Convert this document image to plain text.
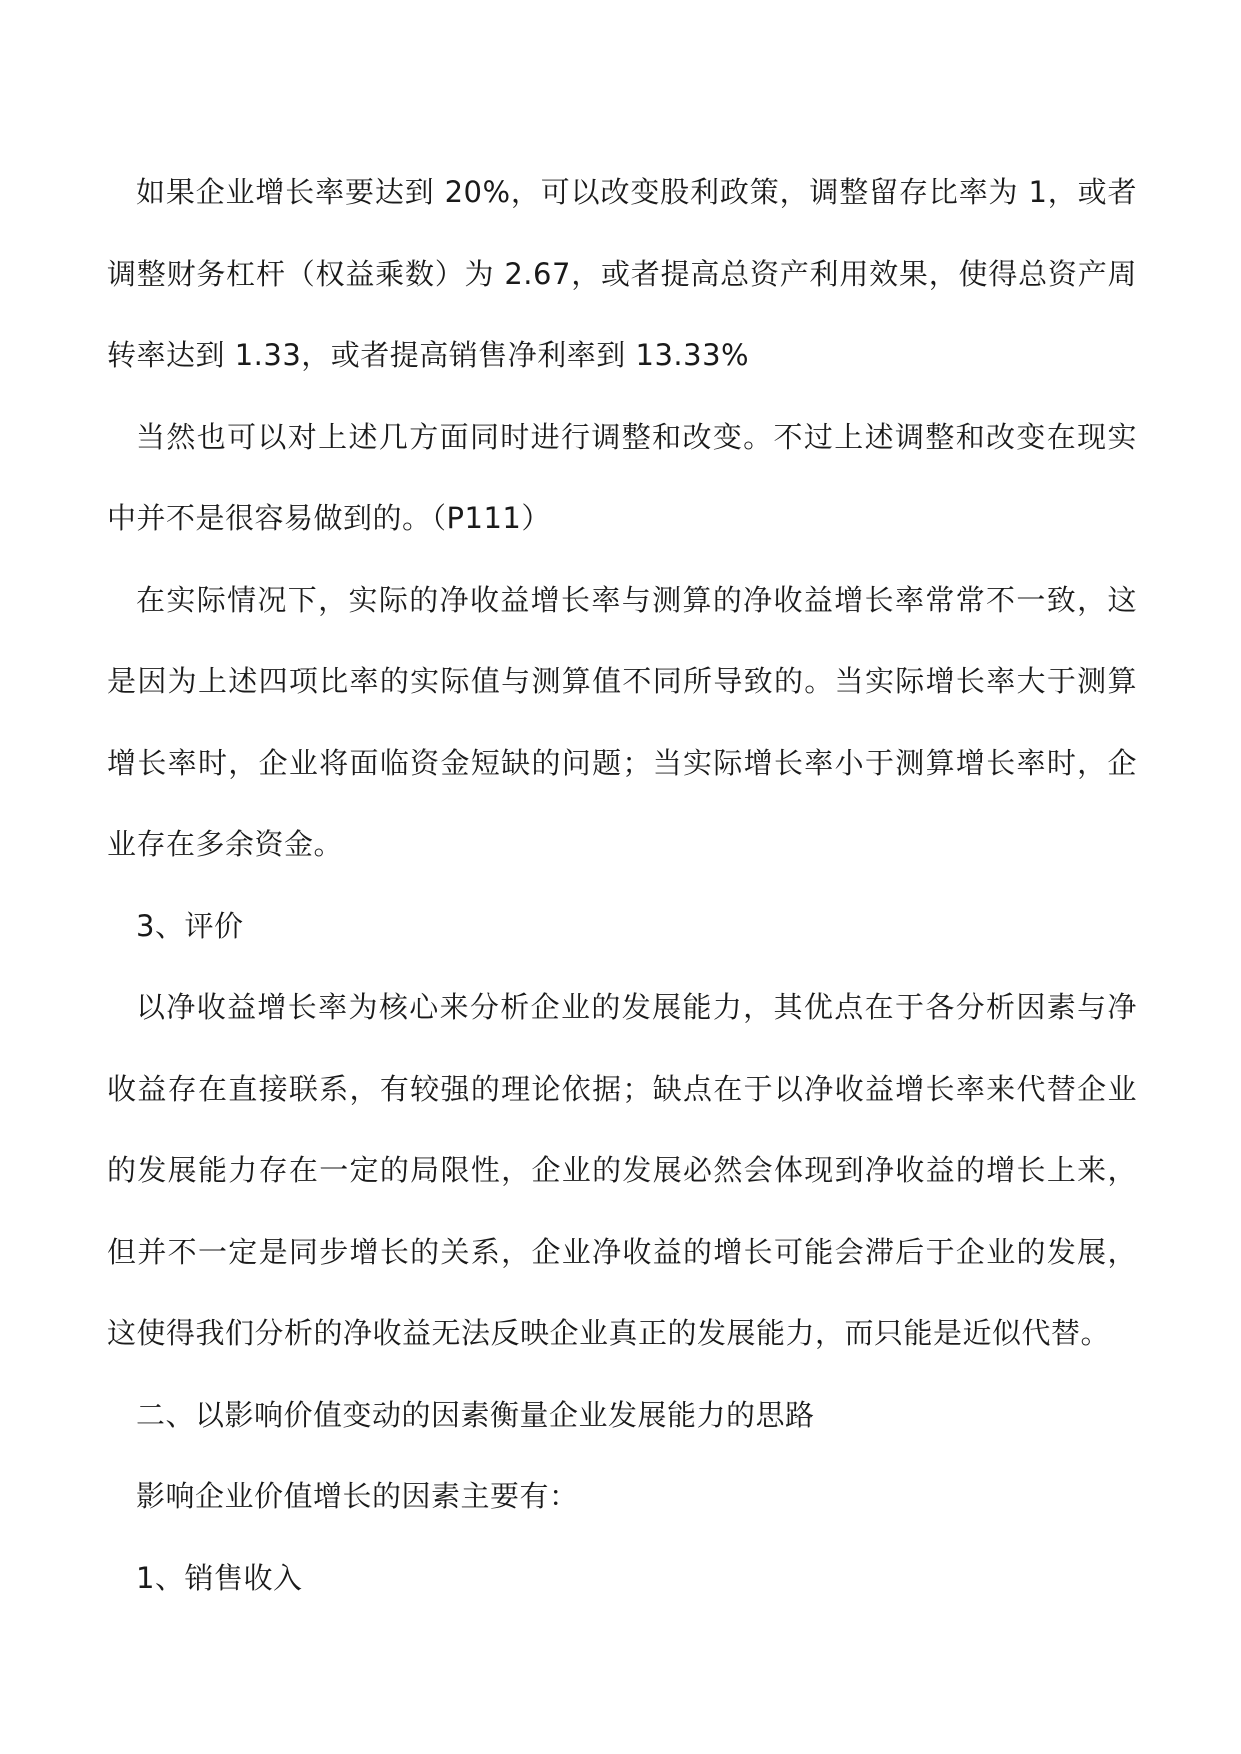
如果企业增长率要达到 20%，可以改变股利政策，调整留存比率为 1，或者调整财务杠杆（权益乘数）为 2.67，或者提高总资产利用效果，使得总资产周转率达到 1.33，或者提高销售净利率到 13.33%

当然也可以对上述几方面同时进行调整和改变。不过上述调整和改变在现实中并不是很容易做到的。（P111）

在实际情况下，实际的净收益增长率与测算的净收益增长率常常不一致，这是因为上述四项比率的实际值与测算值不同所导致的。当实际增长率大于测算增长率时，企业将面临资金短缺的问题；当实际增长率小于测算增长率时，企业存在多余资金。

3、评价

以净收益增长率为核心来分析企业的发展能力，其优点在于各分析因素与净收益存在直接联系，有较强的理论依据；缺点在于以净收益增长率来代替企业的发展能力存在一定的局限性，企业的发展必然会体现到净收益的增长上来，但并不一定是同步增长的关系，企业净收益的增长可能会滞后于企业的发展，这使得我们分析的净收益无法反映企业真正的发展能力，而只能是近似代替。

二、以影响价值变动的因素衡量企业发展能力的思路

影响企业价值增长的因素主要有：

1、销售收入
